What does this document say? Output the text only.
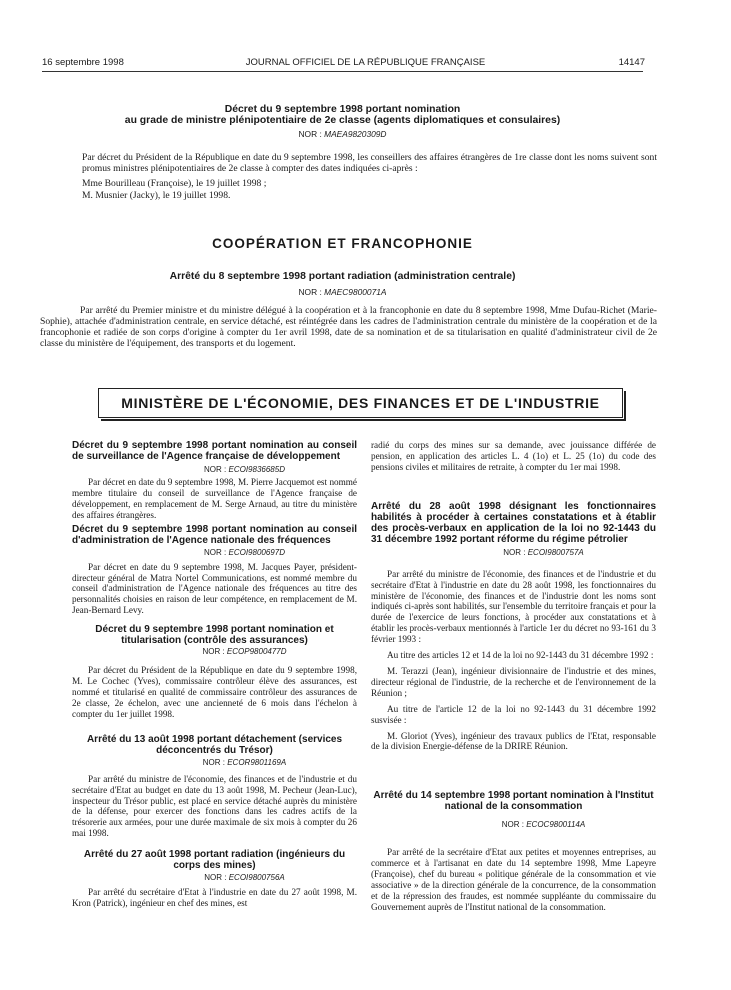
16 septembre 1998	JOURNAL OFFICIEL DE LA RÉPUBLIQUE FRANÇAISE	14147
Décret du 9 septembre 1998 portant nomination
au grade de ministre plénipotentiaire de 2e classe (agents diplomatiques et consulaires)
NOR : MAEA9820309D
Par décret du Président de la République en date du 9 septembre 1998, les conseillers des affaires étrangères de 1re classe dont les noms suivent sont promus ministres plénipotentiaires de 2e classe à compter des dates indiquées ci-après :
Mme Bourilleau (Françoise), le 19 juillet 1998 ;
M. Musnier (Jacky), le 19 juillet 1998.
COOPÉRATION ET FRANCOPHONIE
Arrêté du 8 septembre 1998 portant radiation (administration centrale)
NOR : MAEC9800071A
Par arrêté du Premier ministre et du ministre délégué à la coopération et à la francophonie en date du 8 septembre 1998, Mme Dufau-Richet (Marie-Sophie), attachée d'administration centrale, en service détaché, est réintégrée dans les cadres de l'administration centrale du ministère de la coopération et de la francophonie et radiée de son corps d'origine à compter du 1er avril 1998, date de sa nomination et de sa titularisation en qualité d'administrateur civil de 2e classe du ministère de l'équipement, des transports et du logement.
MINISTÈRE DE L'ÉCONOMIE, DES FINANCES ET DE L'INDUSTRIE
Décret du 9 septembre 1998 portant nomination au conseil de surveillance de l'Agence française de développement
NOR : ECOI9836685D
Par décret en date du 9 septembre 1998, M. Pierre Jacquemot est nommé membre titulaire du conseil de surveillance de l'Agence française de développement, en remplacement de M. Serge Arnaud, au titre du ministère des affaires étrangères.
Décret du 9 septembre 1998 portant nomination au conseil d'administration de l'Agence nationale des fréquences
NOR : ECOI9800697D
Par décret en date du 9 septembre 1998, M. Jacques Payer, président-directeur général de Matra Nortel Communications, est nommé membre du conseil d'administration de l'Agence nationale des fréquences au titre des personnalités choisies en raison de leur compétence, en remplacement de M. Jean-Bernard Levy.
Décret du 9 septembre 1998 portant nomination et titularisation (contrôle des assurances)
NOR : ECOP9800477D
Par décret du Président de la République en date du 9 septembre 1998, M. Le Cochec (Yves), commissaire contrôleur élève des assurances, est nommé et titularisé en qualité de commissaire contrôleur des assurances de 2e classe, 2e échelon, avec une ancienneté de 6 mois dans l'échelon à compter du 1er juillet 1998.
Arrêté du 13 août 1998 portant détachement (services déconcentrés du Trésor)
NOR : ECOR9801169A
Par arrêté du ministre de l'économie, des finances et de l'industrie et du secrétaire d'Etat au budget en date du 13 août 1998, M. Pecheur (Jean-Luc), inspecteur du Trésor public, est placé en service détaché auprès du ministère de la défense, pour exercer des fonctions dans les cadres actifs de la trésorerie aux armées, pour une durée maximale de six mois à compter du 26 mai 1998.
Arrêté du 27 août 1998 portant radiation (ingénieurs du corps des mines)
NOR : ECOI9800756A
Par arrêté du secrétaire d'Etat à l'industrie en date du 27 août 1998, M. Kron (Patrick), ingénieur en chef des mines, est
radié du corps des mines sur sa demande, avec jouissance différée de pension, en application des articles L. 4 (1o) et L. 25 (1o) du code des pensions civiles et militaires de retraite, à compter du 1er mai 1998.
Arrêté du 28 août 1998 désignant les fonctionnaires habilités à procéder à certaines constatations et à établir des procès-verbaux en application de la loi no 92-1443 du 31 décembre 1992 portant réforme du régime pétrolier
NOR : ECOI9800757A
Par arrêté du ministre de l'économie, des finances et de l'industrie et du secrétaire d'Etat à l'industrie en date du 28 août 1998, les fonctionnaires du ministère de l'économie, des finances et de l'industrie dont les noms sont indiqués ci-après sont habilités, sur l'ensemble du territoire français et pour la durée de l'exercice de leurs fonctions, à procéder aux constatations et à établir les procès-verbaux mentionnés à l'article 1er du décret no 93-161 du 3 février 1993 :
Au titre des articles 12 et 14 de la loi no 92-1443 du 31 décembre 1992 :
M. Terazzi (Jean), ingénieur divisionnaire de l'industrie et des mines, directeur régional de l'industrie, de la recherche et de l'environnement de la Réunion ;
Au titre de l'article 12 de la loi no 92-1443 du 31 décembre 1992 susvisée :
M. Gloriot (Yves), ingénieur des travaux publics de l'Etat, responsable de la division Energie-défense de la DRIRE Réunion.
Arrêté du 14 septembre 1998 portant nomination à l'Institut national de la consommation
NOR : ECOC9800114A
Par arrêté de la secrétaire d'Etat aux petites et moyennes entreprises, au commerce et à l'artisanat en date du 14 septembre 1998, Mme Lapeyre (Françoise), chef du bureau « politique générale de la consommation et vie associative » de la direction générale de la concurrence, de la consommation et de la répression des fraudes, est nommée suppléante du commissaire du Gouvernement auprès de l'Institut national de la consommation.
